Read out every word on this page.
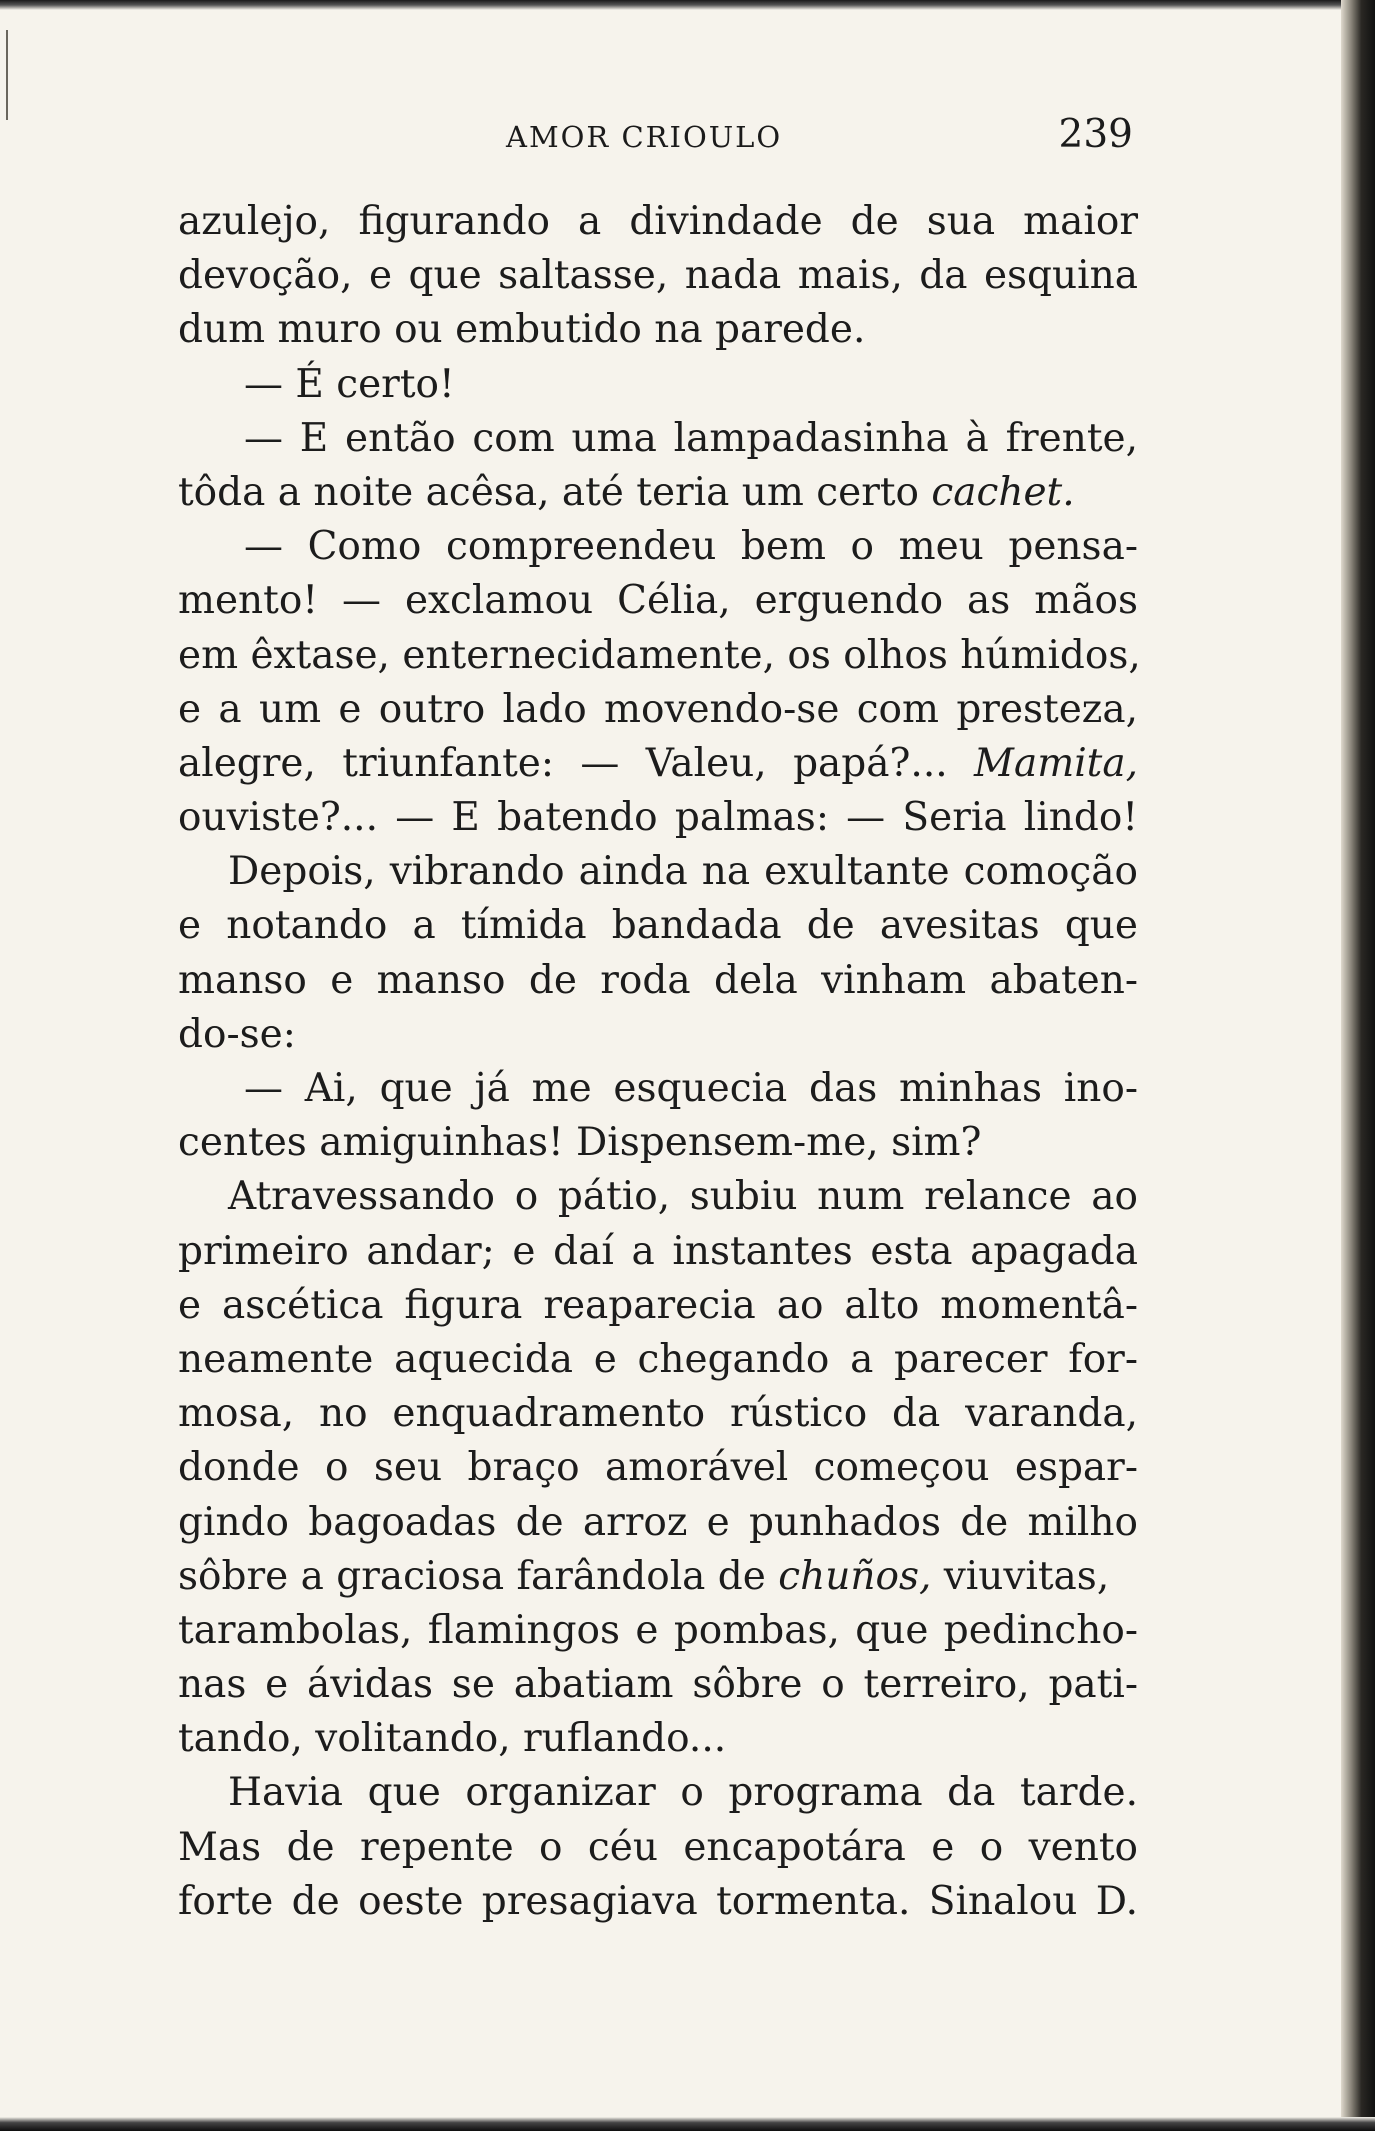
AMOR CRIOULO	239
azulejo, figurando a divindade de sua maior
devoção, e que saltasse, nada mais, da esquina
dum muro ou embutido na parede.
— É certo!
— E então com uma lampadasinha à frente,
tôda a noite acêsa, até teria um certo cachet.
— Como compreendeu bem o meu pensa-
mento! — exclamou Célia, erguendo as mãos
em êxtase, enternecidamente, os olhos húmidos,
e a um e outro lado movendo-se com presteza,
alegre, triunfante: — Valeu, papá?... Mamita,
ouviste?... — E batendo palmas: — Seria lindo!
Depois, vibrando ainda na exultante comoção
e notando a tímida bandada de avesitas que
manso e manso de roda dela vinham abaten-
do-se:
— Ai, que já me esquecia das minhas ino-
centes amiguinhas! Dispensem-me, sim?
Atravessando o pátio, subiu num relance ao
primeiro andar; e daí a instantes esta apagada
e ascética figura reaparecia ao alto momentâ-
neamente aquecida e chegando a parecer for-
mosa, no enquadramento rústico da varanda,
donde o seu braço amorável começou espar-
gindo bagoadas de arroz e punhados de milho
sôbre a graciosa farândola de chuños, viuvitas,
tarambolas, flamingos e pombas, que pedincho-
nas e ávidas se abatiam sôbre o terreiro, pati-
tando, volitando, ruflando...
Havia que organizar o programa da tarde.
Mas de repente o céu encapotára e o vento
forte de oeste presagiava tormenta. Sinalou D.
